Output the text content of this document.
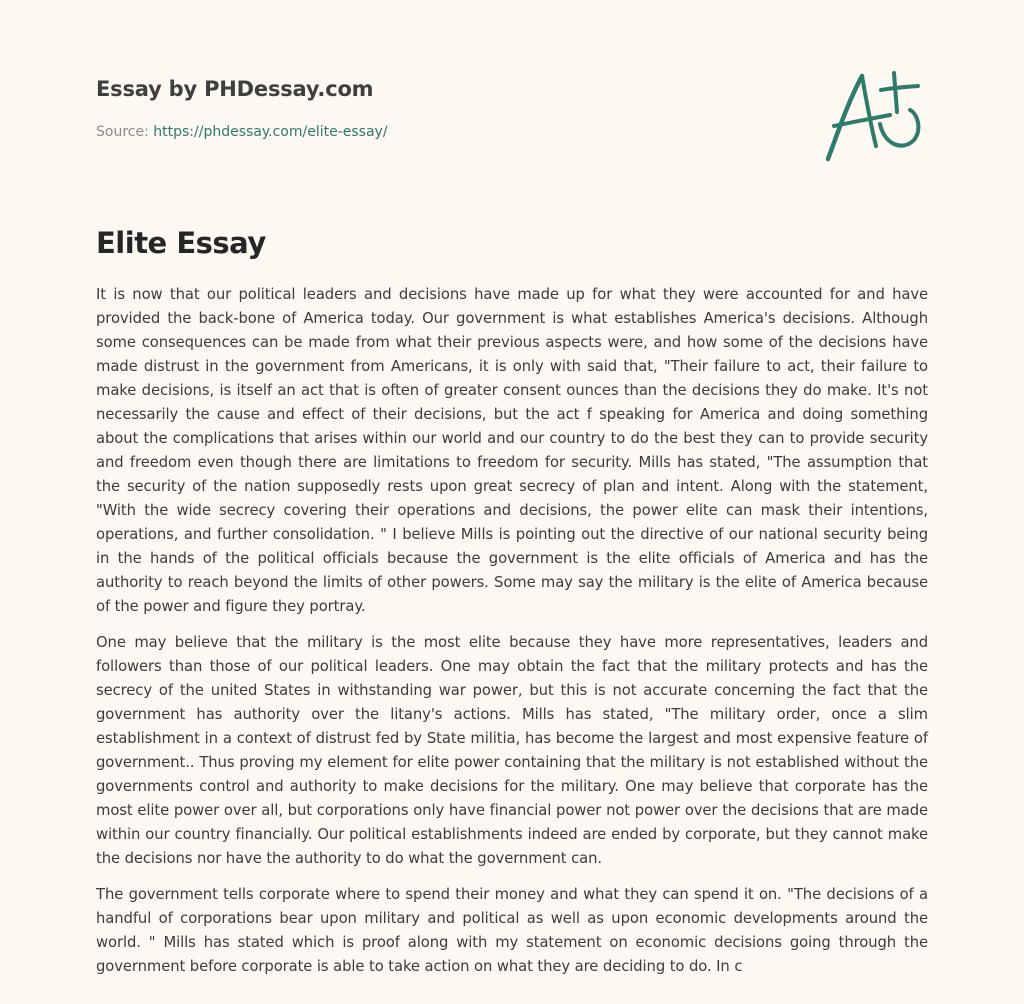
Essay by PHDessay.com
Source: https://phdessay.com/elite-essay/
Elite Essay

It is now that our political leaders and decisions have made up for what they were accounted for and have provided the back-bone of America today. Our government is what establishes America's decisions. Although some consequences can be made from what their previous aspects were, and how some of the decisions have made distrust in the government from Americans, it is only with said that, "Their failure to act, their failure to make decisions, is itself an act that is often of greater consent ounces than the decisions they do make. It's not necessarily the cause and effect of their decisions, but the act f speaking for America and doing something about the complications that arises within our world and our country to do the best they can to provide security and freedom even though there are limitations to freedom for security. Mills has stated, "The assumption that the security of the nation supposedly rests upon great secrecy of plan and intent. Along with the statement, "With the wide secrecy covering their operations and decisions, the power elite can mask their intentions, operations, and further consolidation. " I believe Mills is pointing out the directive of our national security being in the hands of the political officials because the government is the elite officials of America and has the authority to reach beyond the limits of other powers. Some may say the military is the elite of America because of the power and figure they portray.

One may believe that the military is the most elite because they have more representatives, leaders and followers than those of our political leaders. One may obtain the fact that the military protects and has the secrecy of the united States in withstanding war power, but this is not accurate concerning the fact that the government has authority over the litany's actions. Mills has stated, "The military order, once a slim establishment in a context of distrust fed by State militia, has become the largest and most expensive feature of government.. Thus proving my element for elite power containing that the military is not established without the governments control and authority to make decisions for the military. One may believe that corporate has the most elite power over all, but corporations only have financial power not power over the decisions that are made within our country financially. Our political establishments indeed are ended by corporate, but they cannot make the decisions nor have the authority to do what the government can.

The government tells corporate where to spend their money and what they can spend it on. "The decisions of a handful of corporations bear upon military and political as well as upon economic developments around the world. " Mills has stated which is proof along with my statement on economic decisions going through the government before corporate is able to take action on what they are deciding to do. In c
